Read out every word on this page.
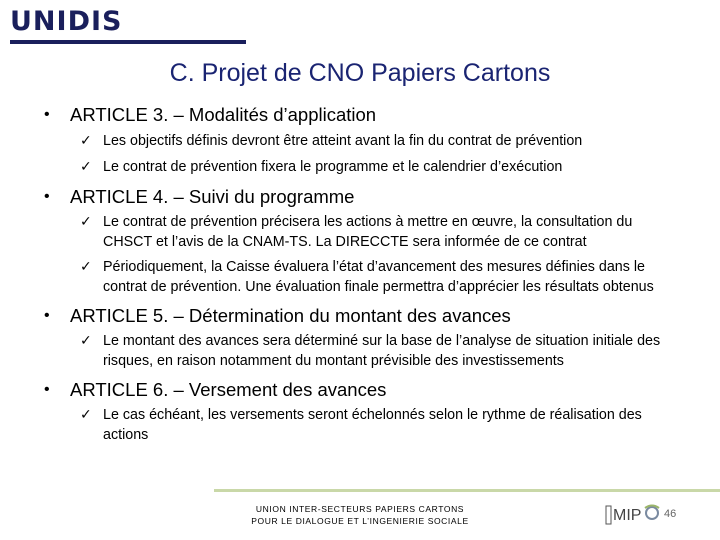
UNIDIS
C. Projet de CNO Papiers Cartons
• ARTICLE 3. – Modalités d’application
✓ Les objectifs définis devront être atteint avant la fin du contrat de prévention
✓ Le contrat de prévention fixera le programme et le calendrier d’exécution
• ARTICLE 4. – Suivi du programme
✓ Le contrat de prévention précisera les actions à mettre en œuvre, la consultation du CHSCT et l’avis de la CNAM-TS. La DIRECCTE sera informée de ce contrat
✓ Périodiquement, la Caisse évaluera l’état d’avancement des mesures définies dans le contrat de prévention. Une évaluation finale permettra d’apprécier les résultats obtenus
• ARTICLE 5. – Détermination du montant des avances
✓ Le montant des avances sera déterminé sur la base de l’analyse de situation initiale des risques, en raison notamment du montant prévisible des investissements
• ARTICLE 6. – Versement des avances
✓ Le cas échéant, les versements seront échelonnés selon le rythme de réalisation des actions
UNION INTER-SECTEURS PAPIERS CARTONS
POUR LE DIALOGUE ET L’INGENIERIE SOCIALE	MIP 46
